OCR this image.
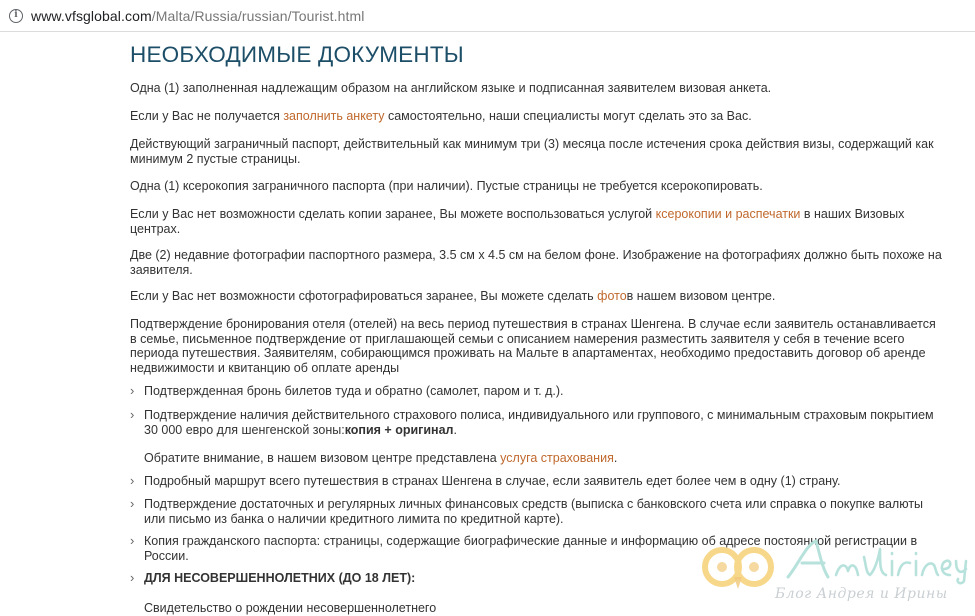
i www.vfsglobal.com/Malta/Russia/russian/Tourist.html
НЕОБХОДИМЫЕ ДОКУМЕНТЫ

Одна (1) заполненная надлежащим образом на английском языке и подписанная заявителем визовая анкета.

Если у Вас не получается заполнить анкету самостоятельно, наши специалисты могут сделать это за Вас.

Действующий заграничный паспорт, действительный как минимум три (3) месяца после истечения срока действия визы, содержащий как минимум 2 пустые страницы.

Одна (1) ксерокопия заграничного паспорта (при наличии). Пустые страницы не требуется ксерокопировать.

Если у Вас нет возможности сделать копии заранее, Вы можете воспользоваться услугой ксерокопии и распечатки в наших Визовых центрах.

Две (2) недавние фотографии паспортного размера, 3.5 см x 4.5 см на белом фоне. Изображение на фотографиях должно быть похоже на заявителя.

Если у Вас нет возможности сфотографироваться заранее, Вы можете сделать фотов нашем визовом центре.

Подтверждение бронирования отеля (отелей) на весь период путешествия в странах Шенгена. В случае если заявитель останавливается в семье, письменное подтверждение от приглашающей семьи с описанием намерения разместить заявителя у себя в течение всего периода путешествия. Заявителям, собирающимся проживать на Мальте в апартаментах, необходимо предоставить договор об аренде недвижимости и квитанцию об оплате аренды

› Подтвержденная бронь билетов туда и обратно (самолет, паром и т. д.).
› Подтверждение наличия действительного страхового полиса, индивидуального или группового, с минимальным страховым покрытием 30 000 евро для шенгенской зоны:копия + оригинал.
Обратите внимание, в нашем визовом центре представлена услуга страхования.
› Подробный маршрут всего путешествия в странах Шенгена в случае, если заявитель едет более чем в одну (1) страну.
› Подтверждение достаточных и регулярных личных финансовых средств (выписка с банковского счета или справка о покупке валюты или письмо из банка о наличии кредитного лимита по кредитной карте).
› Копия гражданского паспорта: страницы, содержащие биографические данные и информацию об адресе постоянной регистрации в России.
› ДЛЯ НЕСОВЕРШЕННОЛЕТНИХ (ДО 18 ЛЕТ):

Свидетельство о рождении несовершеннолетнего

Блог Андрея и Ирины
